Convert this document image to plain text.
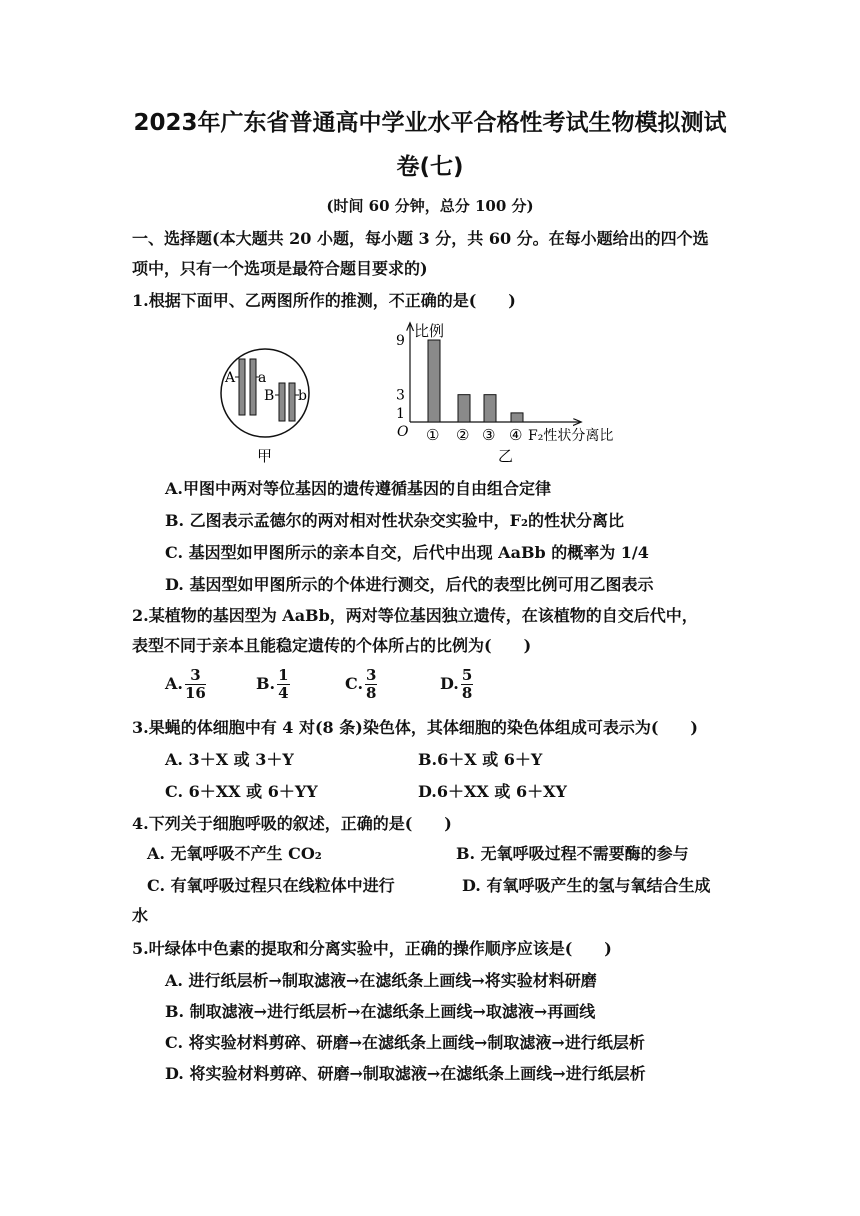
2023年广东省普通高中学业水平合格性考试生物模拟测试
卷(七)
(时间 60 分钟，总分 100 分)
一、选择题(本大题共 20 小题，每小题 3 分，共 60 分。在每小题给出的四个选
项中，只有一个选项是最符合题目要求的)
1.根据下面甲、乙两图所作的推测，不正确的是(　　)
A a
B b
甲
比例
O
1
3
9
① ② ③ ④ F₂性状分离比
乙
A.甲图中两对等位基因的遗传遵循基因的自由组合定律
B. 乙图表示孟德尔的两对相对性状杂交实验中，F₂的性状分离比
C. 基因型如甲图所示的亲本自交，后代中出现 AaBb 的概率为 1/4
D. 基因型如甲图所示的个体进行测交，后代的表型比例可用乙图表示
2.某植物的基因型为 AaBb，两对等位基因独立遗传，在该植物的自交后代中，
表型不同于亲本且能稳定遗传的个体所占的比例为(　　)
A. $\frac{3}{16}$	B. $\frac{1}{4}$	C. $\frac{3}{8}$	D. $\frac{5}{8}$
3.果蝇的体细胞中有 4 对(8 条)染色体，其体细胞的染色体组成可表示为(　　)
A. 3＋X 或 3＋Y	B.6＋X 或 6＋Y
C. 6＋XX 或 6＋YY	D.6＋XX 或 6＋XY
4.下列关于细胞呼吸的叙述，正确的是(　　)
A. 无氧呼吸不产生 CO₂	B. 无氧呼吸过程不需要酶的参与
C. 有氧呼吸过程只在线粒体中进行	D. 有氧呼吸产生的氢与氧结合生成
水
5.叶绿体中色素的提取和分离实验中，正确的操作顺序应该是(　　)
A. 进行纸层析→制取滤液→在滤纸条上画线→将实验材料研磨
B. 制取滤液→进行纸层析→在滤纸条上画线→取滤液→再画线
C. 将实验材料剪碎、研磨→在滤纸条上画线→制取滤液→进行纸层析
D. 将实验材料剪碎、研磨→制取滤液→在滤纸条上画线→进行纸层析
